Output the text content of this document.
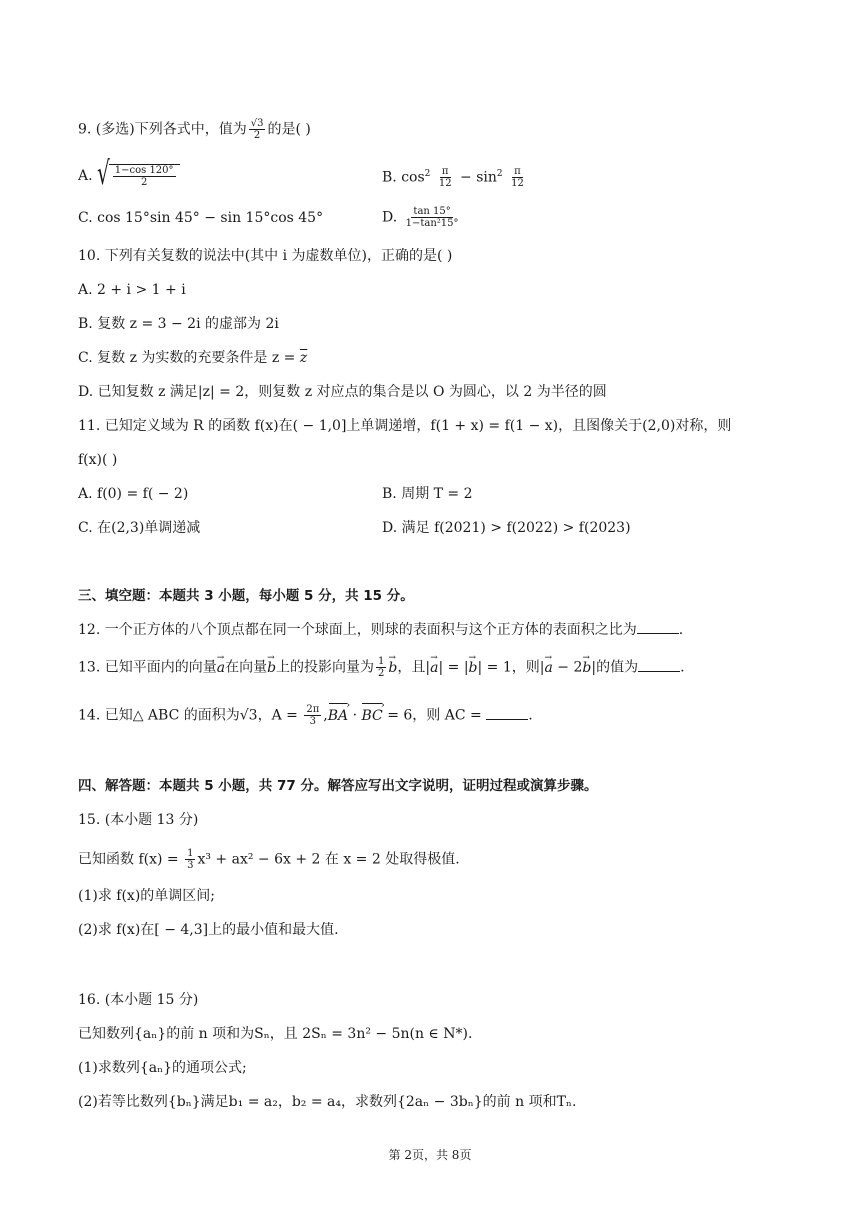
9. (多选)下列各式中，值为 $\frac{√3}{2}$ 的是( )
A. √ $\frac{1-\cos 120^\circ}{2}$	B. $\cos^2 \frac{\pi}{12} - \sin^2 \frac{\pi}{12}$
C. cos 15°sin 45° − sin 15°cos 45°	D. $\frac{\tan 15^\circ}{\text{1−tan²15°}}$
10. 下列有关复数的说法中(其中 i 为虚数单位)，正确的是( )
A. 2 + i > 1 + i
B. 复数 z = 3 − 2i 的虚部为 2i
C. 复数 z 为实数的充要条件是 $z = \overline{z}$
D. 已知复数 z 满足|z| = 2，则复数 z 对应点的集合是以 O 为圆心，以 2 为半径的圆
11. 已知定义域为 R 的函数 f(x)在( − 1,0]上单调递增，f(1 + x) = f(1 − x)，且图像关于(2,0)对称，则
f(x)( )
A. f(0) = f( − 2)	B. 周期 T = 2
C. 在(2,3)单调递减	D. 满足 f(2021) > f(2022) > f(2023)
三、填空题：本题共 3 小题，每小题 5 分，共 15 分。
12. 一个正方体的八个顶点都在同一个球面上，则球的表面积与这个正方体的表面积之比为	.
13. 已知平面内的向量→ a在向量→ b上的投影向量为 $\frac{1}{2} \to b$，且|→ a| = |→ b| = 1，则|→ a − 2→ b|的值为	.
14. 已知△ ABC 的面积为√3，$A = \frac{2\pi}{3} ,BA$ › · BC › = 6，则 AC =	.
四、解答题：本题共 5 小题，共 77 分。解答应写出文字说明，证明过程或演算步骤。
15. (本小题 13 分)
已知函数 $f(x) = \frac{1}{3} x^3 + ax^2 - 6x + 2$ 在 x = 2 处取得极值.
(1)求 f(x)的单调区间;
(2)求 f(x)在[ − 4,3]上的最小值和最大值.
16. (本小题 15 分)
已知数列{aₙ}的前 n 项和为Sₙ，且 2Sₙ = 3n² − 5n(n ∈ N*).
(1)求数列{aₙ}的通项公式;
(2)若等比数列{bₙ}满足b₁ = a₂，b₂ = a₄，求数列{2aₙ − 3bₙ}的前 n 项和Tₙ.
第 2页，共 8页
